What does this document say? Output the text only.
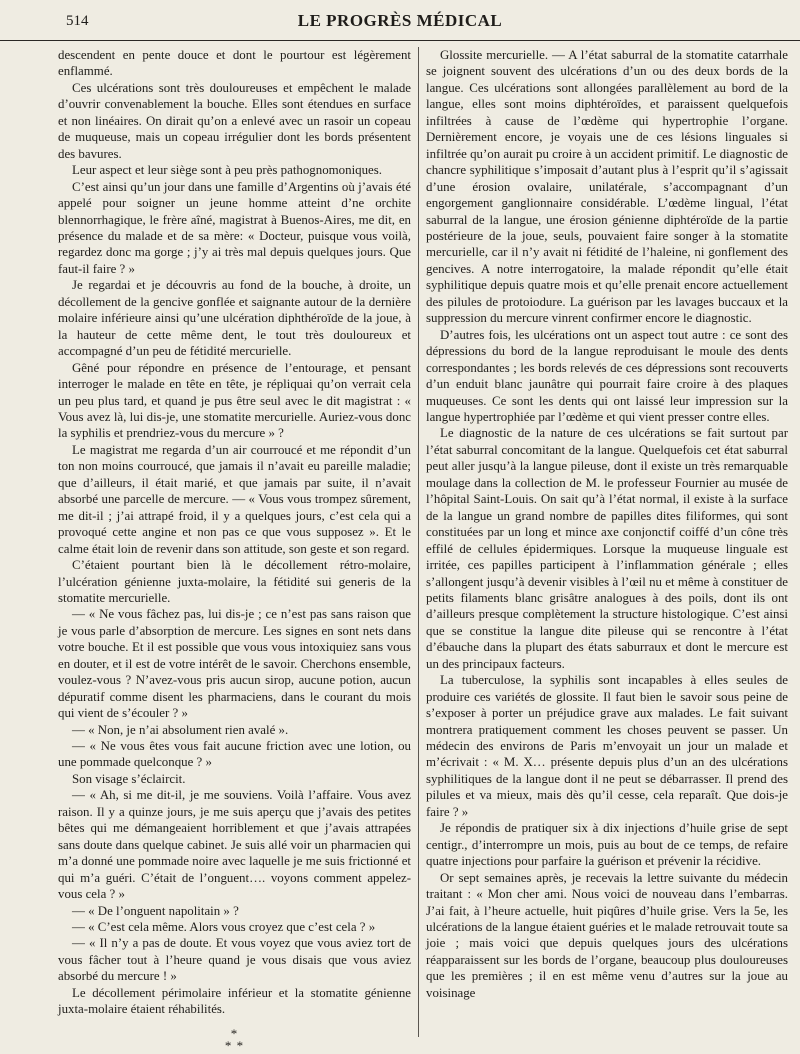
514	LE PROGRÈS MÉDICAL

descendent en pente douce et dont le pourtour est légèrement enflammé.

Ces ulcérations sont très douloureuses et empêchent le malade d’ouvrir convenablement la bouche. Elles sont étendues en surface et non linéaires. On dirait qu’on a enlevé avec un rasoir un copeau de muqueuse, mais un copeau irrégulier dont les bords présentent des bavures.

Leur aspect et leur siège sont à peu près pathognomoniques.

C’est ainsi qu’un jour dans une famille d’Argentins où j’avais été appelé pour soigner un jeune homme atteint d’ne orchite blennorrhagique, le frère aîné, magistrat à Buenos-Aires, me dit, en présence du malade et de sa mère: « Docteur, puisque vous voilà, regardez donc ma gorge ; j’y ai très mal depuis quelques jours. Que faut-il faire ? »

Je regardai et je découvris au fond de la bouche, à droite, un décollement de la gencive gonflée et saignante autour de la dernière molaire inférieure ainsi qu’une ulcération diphthéroïde de la joue, à la hauteur de cette même dent, le tout très douloureux et accompagné d’un peu de fétidité mercurielle.

Gêné pour répondre en présence de l’entourage, et pensant interroger le malade en tête en tête, je répliquai qu’on verrait cela un peu plus tard, et quand je pus être seul avec le dit magistrat : « Vous avez là, lui dis-je, une stomatite mercurielle. Auriez-vous donc la syphilis et prendriez-vous du mercure » ?

Le magistrat me regarda d’un air courroucé et me répondit d’un ton non moins courroucé, que jamais il n’avait eu pareille maladie; que d’ailleurs, il était marié, et que jamais par suite, il n’avait absorbé une parcelle de mercure. — « Vous vous trompez sûrement, me dit-il ; j’ai attrapé froid, il y a quelques jours, c’est cela qui a provoqué cette angine et non pas ce que vous supposez ». Et le calme était loin de revenir dans son attitude, son geste et son regard.

C’étaient pourtant bien là le décollement rétro-molaire, l’ulcération génienne juxta-molaire, la fétidité sui generis de la stomatite mercurielle.

— « Ne vous fâchez pas, lui dis-je ; ce n’est pas sans raison que je vous parle d’absorption de mercure. Les signes en sont nets dans votre bouche. Et il est possible que vous vous intoxiquiez sans vous en douter, et il est de votre intérêt de le savoir. Cherchons ensemble, voulez-vous ? N’avez-vous pris aucun sirop, aucune potion, aucun dépuratif comme disent les pharmaciens, dans le courant du mois qui vient de s’écouler ? »

— « Non, je n’ai absolument rien avalé ».

— « Ne vous êtes vous fait aucune friction avec une lotion, ou une pommade quelconque ? »

Son visage s’éclaircit.

— « Ah, si me dit-il, je me souviens. Voilà l’affaire. Vous avez raison. Il y a quinze jours, je me suis aperçu que j’avais des petites bêtes qui me démangeaient horriblement et que j’avais attrapées sans doute dans quelque cabinet. Je suis allé voir un pharmacien qui m’a donné une pommade noire avec laquelle je me suis frictionné et qui m’a guéri. C’était de l’onguent…. voyons comment appelez-vous cela ? »

— « De l’onguent napolitain » ?

— « C’est cela même. Alors vous croyez que c’est cela ? »

— « Il n’y a pas de doute. Et vous voyez que vous aviez tort de vous fâcher tout à l’heure quand je vous disais que vous aviez absorbé du mercure ! »

Le décollement périmolaire inférieur et la stomatite génienne juxta-molaire étaient réhabilités.

*
* *

Glossite mercurielle. — A l’état saburral de la stomatite catarrhale se joignent souvent des ulcérations d’un ou des deux bords de la langue. Ces ulcérations sont allongées parallèlement au bord de la langue, elles sont moins diphtéroïdes, et paraissent quelquefois infiltrées à cause de l’œdème qui hypertrophie l’organe. Dernièrement encore, je voyais une de ces lésions linguales si infiltrée qu’on aurait pu croire à un accident primitif. Le diagnostic de chancre syphilitique s’imposait d’autant plus à l’esprit qu’il s’agissait d’une érosion ovalaire, unilatérale, s’accompagnant d’un engorgement ganglionnaire considérable. L’œdème lingual, l’état saburral de la langue, une érosion génienne diphtéroïde de la partie postérieure de la joue, seuls, pouvaient faire songer à la stomatite mercurielle, car il n’y avait ni fétidité de l’haleine, ni gonflement des gencives. A notre interrogatoire, la malade répondit qu’elle était syphilitique depuis quatre mois et qu’elle prenait encore actuellement des pilules de protoiodure. La guérison par les lavages buccaux et la suppression du mercure vinrent confirmer encore le diagnostic.

D’autres fois, les ulcérations ont un aspect tout autre : ce sont des dépressions du bord de la langue reproduisant le moule des dents correspondantes ; les bords relevés de ces dépressions sont recouverts d’un enduit blanc jaunâtre qui pourrait faire croire à des plaques muqueuses. Ce sont les dents qui ont laissé leur impression sur la langue hypertrophiée par l’œdème et qui vient presser contre elles.

Le diagnostic de la nature de ces ulcérations se fait surtout par l’état saburral concomitant de la langue. Quelquefois cet état saburral peut aller jusqu’à la langue pileuse, dont il existe un très remarquable moulage dans la collection de M. le professeur Fournier au musée de l’hôpital Saint-Louis. On sait qu’à l’état normal, il existe à la surface de la langue un grand nombre de papilles dites filiformes, qui sont constituées par un long et mince axe conjonctif coiffé d’un cône très effilé de cellules épidermiques. Lorsque la muqueuse linguale est irritée, ces papilles participent à l’inflammation générale ; elles s’allongent jusqu’à devenir visibles à l’œil nu et même à constituer de petits filaments blanc grisâtre analogues à des poils, dont ils ont d’ailleurs presque complètement la structure histologique. C’est ainsi que se constitue la langue dite pileuse qui se rencontre à l’état d’ébauche dans la plupart des états saburraux et dont le mercure est un des principaux facteurs.

La tuberculose, la syphilis sont incapables à elles seules de produire ces variétés de glossite. Il faut bien le savoir sous peine de s’exposer à porter un préjudice grave aux malades. Le fait suivant montrera pratiquement comment les choses peuvent se passer. Un médecin des environs de Paris m’envoyait un jour un malade et m’écrivait : « M. X… présente depuis plus d’un an des ulcérations syphilitiques de la langue dont il ne peut se débarrasser. Il prend des pilules et va mieux, mais dès qu’il cesse, cela reparaît. Que dois-je faire ? »

Je répondis de pratiquer six à dix injections d’huile grise de sept centigr., d’interrompre un mois, puis au bout de ce temps, de refaire quatre injections pour parfaire la guérison et prévenir la récidive.

Or sept semaines après, je recevais la lettre suivante du médecin traitant : « Mon cher ami. Nous voici de nouveau dans l’embarras. J’ai fait, à l’heure actuelle, huit piqûres d’huile grise. Vers la 5e, les ulcérations de la langue étaient guéries et le malade retrouvait toute sa joie ; mais voici que depuis quelques jours des ulcérations réapparaissent sur les bords de l’organe, beaucoup plus douloureuses que les premières ; il en est même venu d’autres sur la joue au voisinage
